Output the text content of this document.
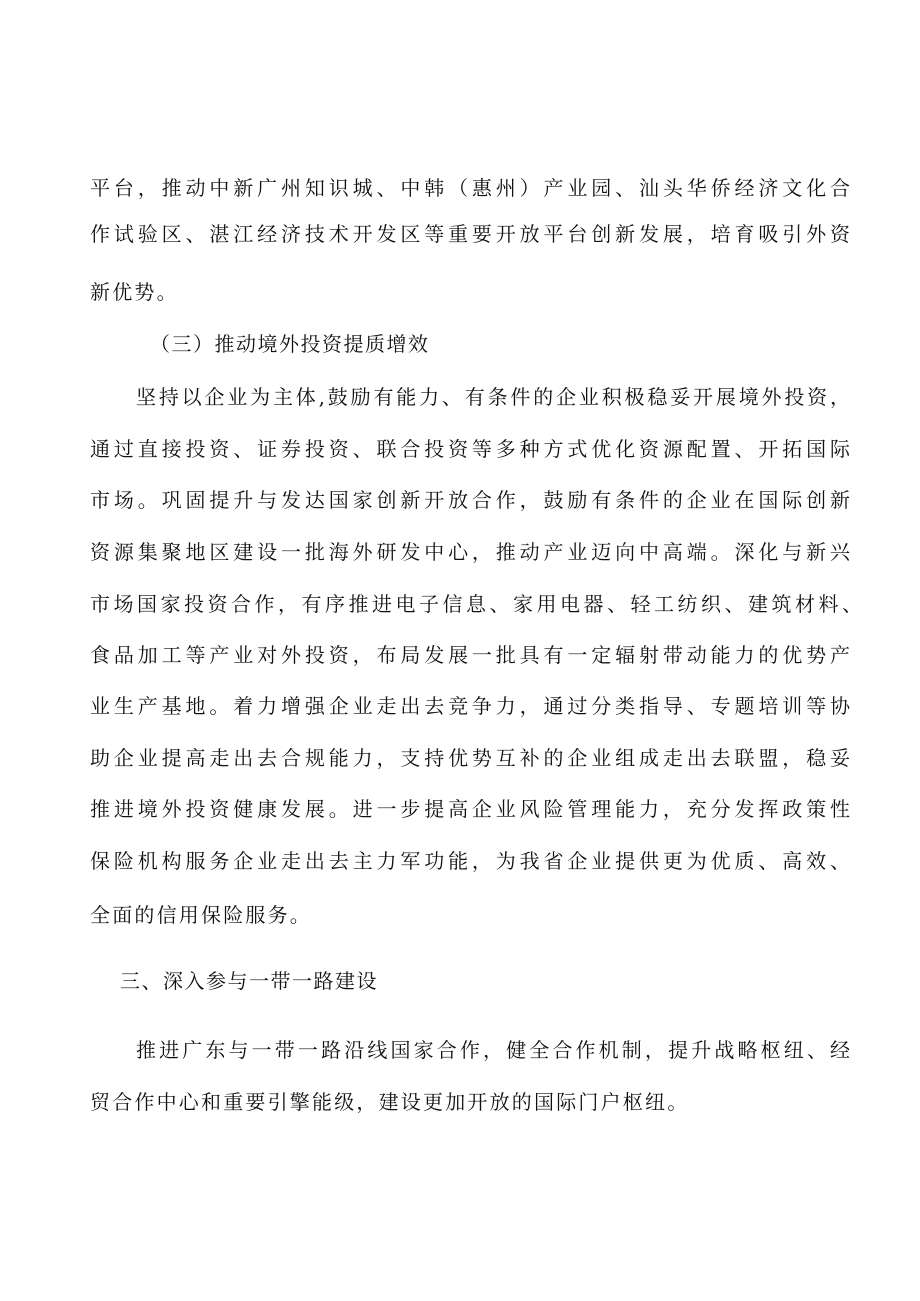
平台，推动中新广州知识城、中韩（惠州）产业园、汕头华侨经济文化合
作试验区、湛江经济技术开发区等重要开放平台创新发展，培育吸引外资
新优势。
（三）推动境外投资提质增效
坚持以企业为主体,鼓励有能力、有条件的企业积极稳妥开展境外投资，
通过直接投资、证券投资、联合投资等多种方式优化资源配置、开拓国际
市场。巩固提升与发达国家创新开放合作，鼓励有条件的企业在国际创新
资源集聚地区建设一批海外研发中心，推动产业迈向中高端。深化与新兴
市场国家投资合作，有序推进电子信息、家用电器、轻工纺织、建筑材料、
食品加工等产业对外投资，布局发展一批具有一定辐射带动能力的优势产
业生产基地。着力增强企业走出去竞争力，通过分类指导、专题培训等协
助企业提高走出去合规能力，支持优势互补的企业组成走出去联盟，稳妥
推进境外投资健康发展。进一步提高企业风险管理能力，充分发挥政策性
保险机构服务企业走出去主力军功能，为我省企业提供更为优质、高效、
全面的信用保险服务。
三、深入参与一带一路建设
推进广东与一带一路沿线国家合作，健全合作机制，提升战略枢纽、经
贸合作中心和重要引擎能级，建设更加开放的国际门户枢纽。
